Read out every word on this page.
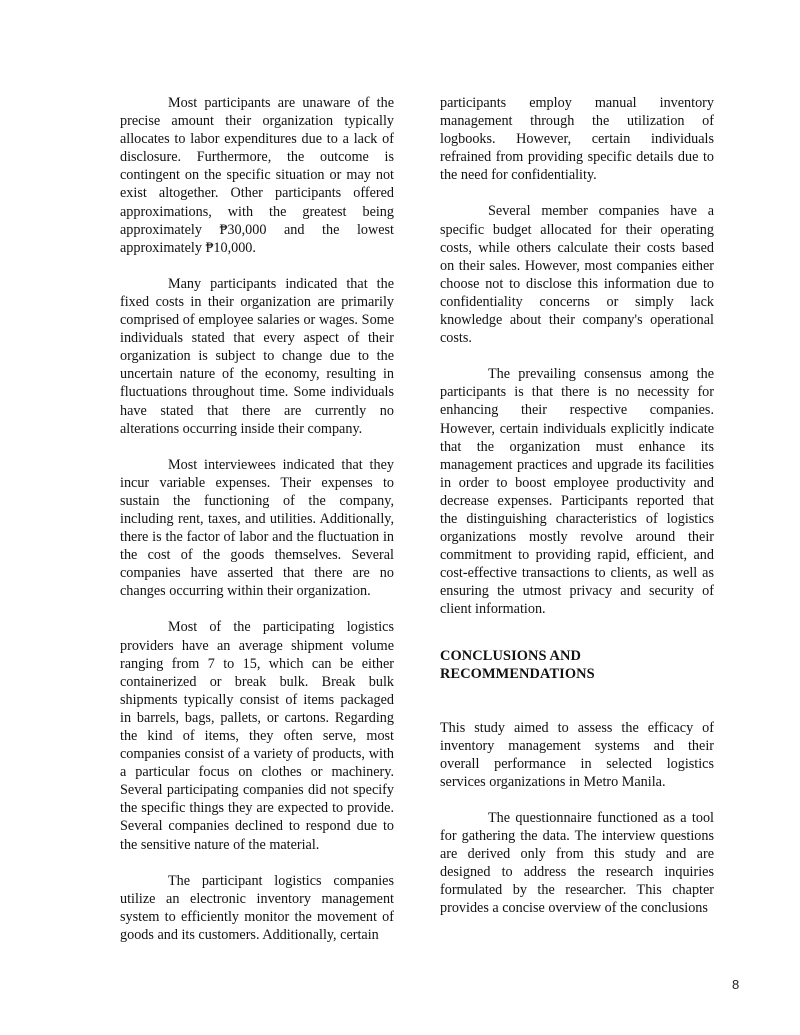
Most participants are unaware of the precise amount their organization typically allocates to labor expenditures due to a lack of disclosure. Furthermore, the outcome is contingent on the specific situation or may not exist altogether. Other participants offered approximations, with the greatest being approximately ₱30,000 and the lowest approximately ₱10,000.

Many participants indicated that the fixed costs in their organization are primarily comprised of employee salaries or wages. Some individuals stated that every aspect of their organization is subject to change due to the uncertain nature of the economy, resulting in fluctuations throughout time. Some individuals have stated that there are currently no alterations occurring inside their company.

Most interviewees indicated that they incur variable expenses. Their expenses to sustain the functioning of the company, including rent, taxes, and utilities. Additionally, there is the factor of labor and the fluctuation in the cost of the goods themselves. Several companies have asserted that there are no changes occurring within their organization.

Most of the participating logistics providers have an average shipment volume ranging from 7 to 15, which can be either containerized or break bulk. Break bulk shipments typically consist of items packaged in barrels, bags, pallets, or cartons. Regarding the kind of items, they often serve, most companies consist of a variety of products, with a particular focus on clothes or machinery. Several participating companies did not specify the specific things they are expected to provide. Several companies declined to respond due to the sensitive nature of the material.

The participant logistics companies utilize an electronic inventory management system to efficiently monitor the movement of goods and its customers. Additionally, certain

participants employ manual inventory management through the utilization of logbooks. However, certain individuals refrained from providing specific details due to the need for confidentiality.

Several member companies have a specific budget allocated for their operating costs, while others calculate their costs based on their sales. However, most companies either choose not to disclose this information due to confidentiality concerns or simply lack knowledge about their company's operational costs.

The prevailing consensus among the participants is that there is no necessity for enhancing their respective companies. However, certain individuals explicitly indicate that the organization must enhance its management practices and upgrade its facilities in order to boost employee productivity and decrease expenses. Participants reported that the distinguishing characteristics of logistics organizations mostly revolve around their commitment to providing rapid, efficient, and cost-effective transactions to clients, as well as ensuring the utmost privacy and security of client information.

CONCLUSIONS AND
RECOMMENDATIONS

This study aimed to assess the efficacy of inventory management systems and their overall performance in selected logistics services organizations in Metro Manila.

The questionnaire functioned as a tool for gathering the data. The interview questions are derived only from this study and are designed to address the research inquiries formulated by the researcher. This chapter provides a concise overview of the conclusions

8
